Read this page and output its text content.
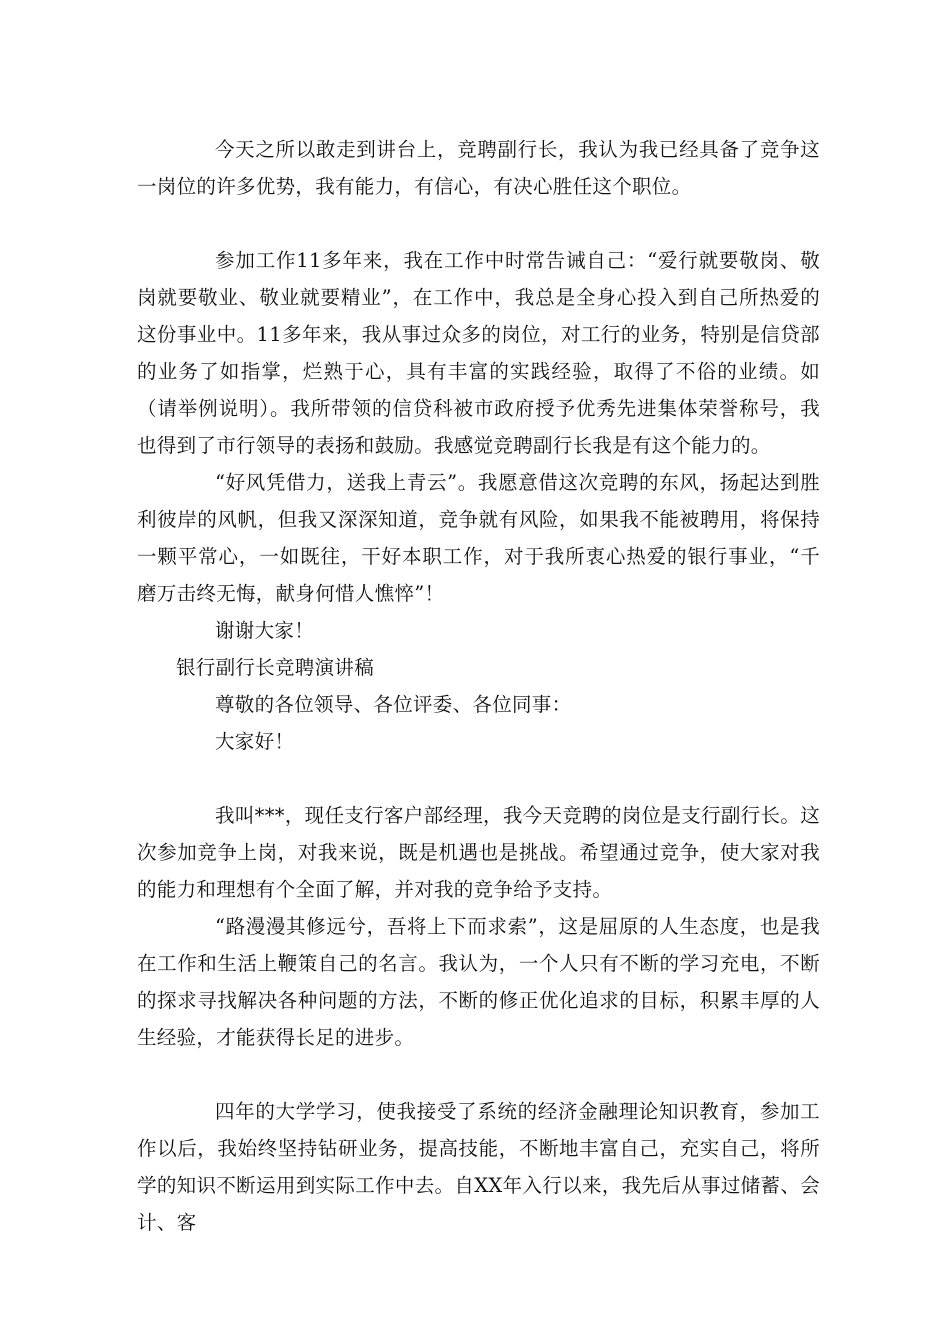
今天之所以敢走到讲台上，竞聘副行长，我认为我已经具备了竞争这一岗位的许多优势，我有能力，有信心，有决心胜任这个职位。

参加工作11多年来，我在工作中时常告诫自己：“爱行就要敬岗、敬岗就要敬业、敬业就要精业”，在工作中，我总是全身心投入到自己所热爱的这份事业中。11多年来，我从事过众多的岗位，对工行的业务，特别是信贷部的业务了如指掌，烂熟于心，具有丰富的实践经验，取得了不俗的业绩。如（请举例说明）。我所带领的信贷科被市政府授予优秀先进集体荣誉称号，我也得到了市行领导的表扬和鼓励。我感觉竞聘副行长我是有这个能力的。

“好风凭借力，送我上青云”。我愿意借这次竞聘的东风，扬起达到胜利彼岸的风帆，但我又深深知道，竞争就有风险，如果我不能被聘用，将保持一颗平常心，一如既往，干好本职工作，对于我所衷心热爱的银行事业，“千磨万击终无悔，献身何惜人憔悴”！

谢谢大家！

银行副行长竞聘演讲稿

尊敬的各位领导、各位评委、各位同事：

大家好！

我叫***，现任支行客户部经理，我今天竞聘的岗位是支行副行长。这次参加竞争上岗，对我来说，既是机遇也是挑战。希望通过竞争，使大家对我的能力和理想有个全面了解，并对我的竞争给予支持。

“路漫漫其修远兮，吾将上下而求索”，这是屈原的人生态度，也是我在工作和生活上鞭策自己的名言。我认为，一个人只有不断的学习充电，不断的探求寻找解决各种问题的方法，不断的修正优化追求的目标，积累丰厚的人生经验，才能获得长足的进步。

四年的大学学习，使我接受了系统的经济金融理论知识教育，参加工作以后，我始终坚持钻研业务，提高技能，不断地丰富自己，充实自己，将所学的知识不断运用到实际工作中去。自XX年入行以来，我先后从事过储蓄、会计、客
